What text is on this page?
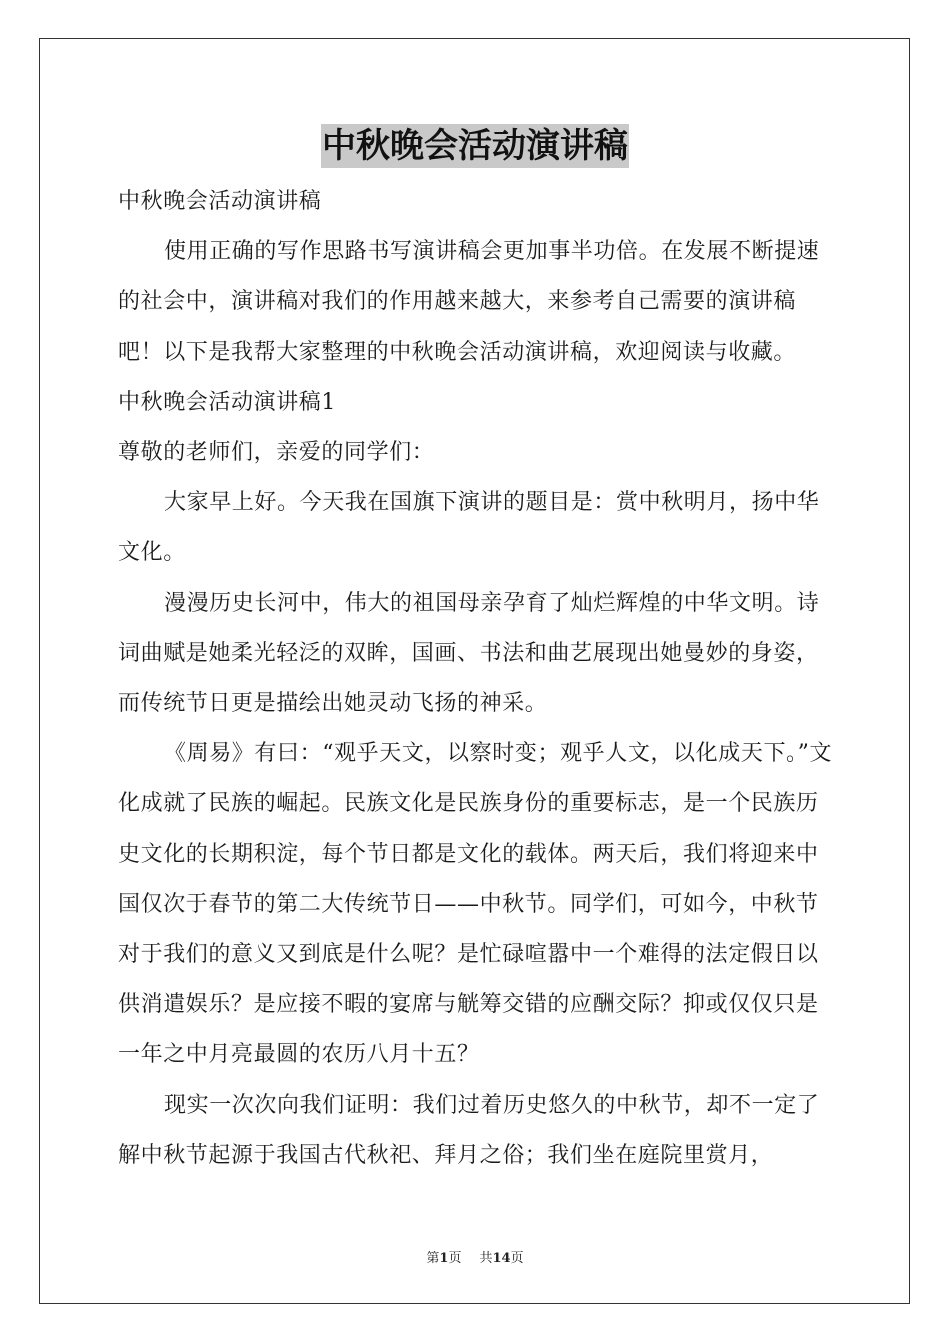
中秋晚会活动演讲稿

中秋晚会活动演讲稿

使用正确的写作思路书写演讲稿会更加事半功倍。在发展不断提速的社会中，演讲稿对我们的作用越来越大，来参考自己需要的演讲稿吧！以下是我帮大家整理的中秋晚会活动演讲稿，欢迎阅读与收藏。

中秋晚会活动演讲稿1

尊敬的老师们，亲爱的同学们：

大家早上好。今天我在国旗下演讲的题目是：赏中秋明月，扬中华文化。

漫漫历史长河中，伟大的祖国母亲孕育了灿烂辉煌的中华文明。诗词曲赋是她柔光轻泛的双眸，国画、书法和曲艺展现出她曼妙的身姿，而传统节日更是描绘出她灵动飞扬的神采。

《周易》有曰：“观乎天文，以察时变；观乎人文，以化成天下。”文化成就了民族的崛起。民族文化是民族身份的重要标志，是一个民族历史文化的长期积淀，每个节日都是文化的载体。两天后，我们将迎来中国仅次于春节的第二大传统节日——中秋节。同学们，可如今，中秋节对于我们的意义又到底是什么呢？是忙碌喧嚣中一个难得的法定假日以供消遣娱乐？是应接不暇的宴席与觥筹交错的应酬交际？抑或仅仅只是一年之中月亮最圆的农历八月十五？

现实一次次向我们证明：我们过着历史悠久的中秋节，却不一定了解中秋节起源于我国古代秋祀、拜月之俗；我们坐在庭院里赏月，

第1页 共14页
